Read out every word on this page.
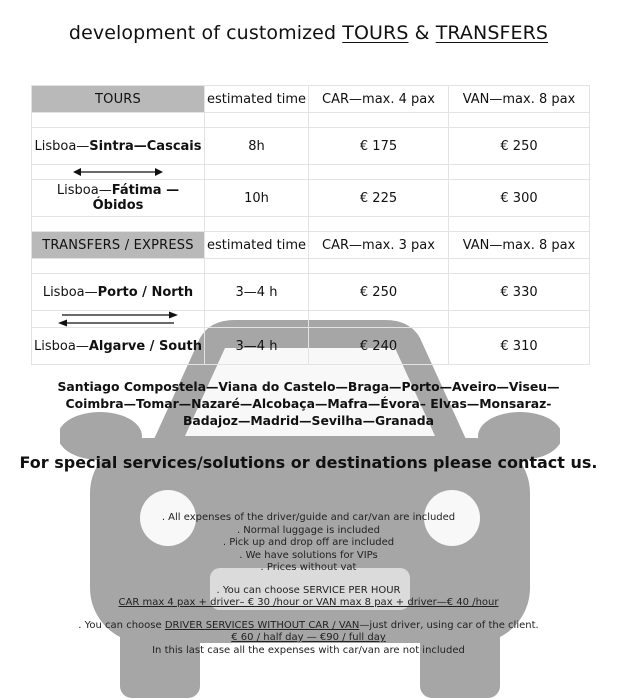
development of customized TOURS & TRANSFERS
TOURS	estimated time	CAR—max. 4 pax	VAN—max. 8 pax

Lisboa—Sintra—Cascais	8h	€ 175	€ 250

Lisboa—Fátima —Óbidos	10h	€ 225	€ 300

TRANSFERS / EXPRESS	estimated time	CAR—max. 3 pax	VAN—max. 8 pax

Lisboa—Porto / North	3—4 h	€ 250	€ 330

Lisboa—Algarve / South	3—4 h	€ 240	€ 310
Santiago Compostela—Viana do Castelo—Braga—Porto—Aveiro—Viseu—
Coimbra—Tomar—Nazaré—Alcobaça—Mafra—Évora– Elvas—Monsaraz-
Badajoz—Madrid—Sevilha—Granada
For special services/solutions or destinations please contact us.
. All expenses of the driver/guide and car/van are included
. Normal luggage is included
. Pick up and drop off are included
. We have solutions for VIPs
. Prices without vat
. You can choose SERVICE PER HOUR
CAR max 4 pax + driver– € 30 /hour or VAN max 8 pax + driver—€ 40 /hour
. You can choose DRIVER SERVICES WITHOUT CAR / VAN—just driver, using car of the client.
€ 60 / half day — €90 / full day
In this last case all the expenses with car/van are not included
